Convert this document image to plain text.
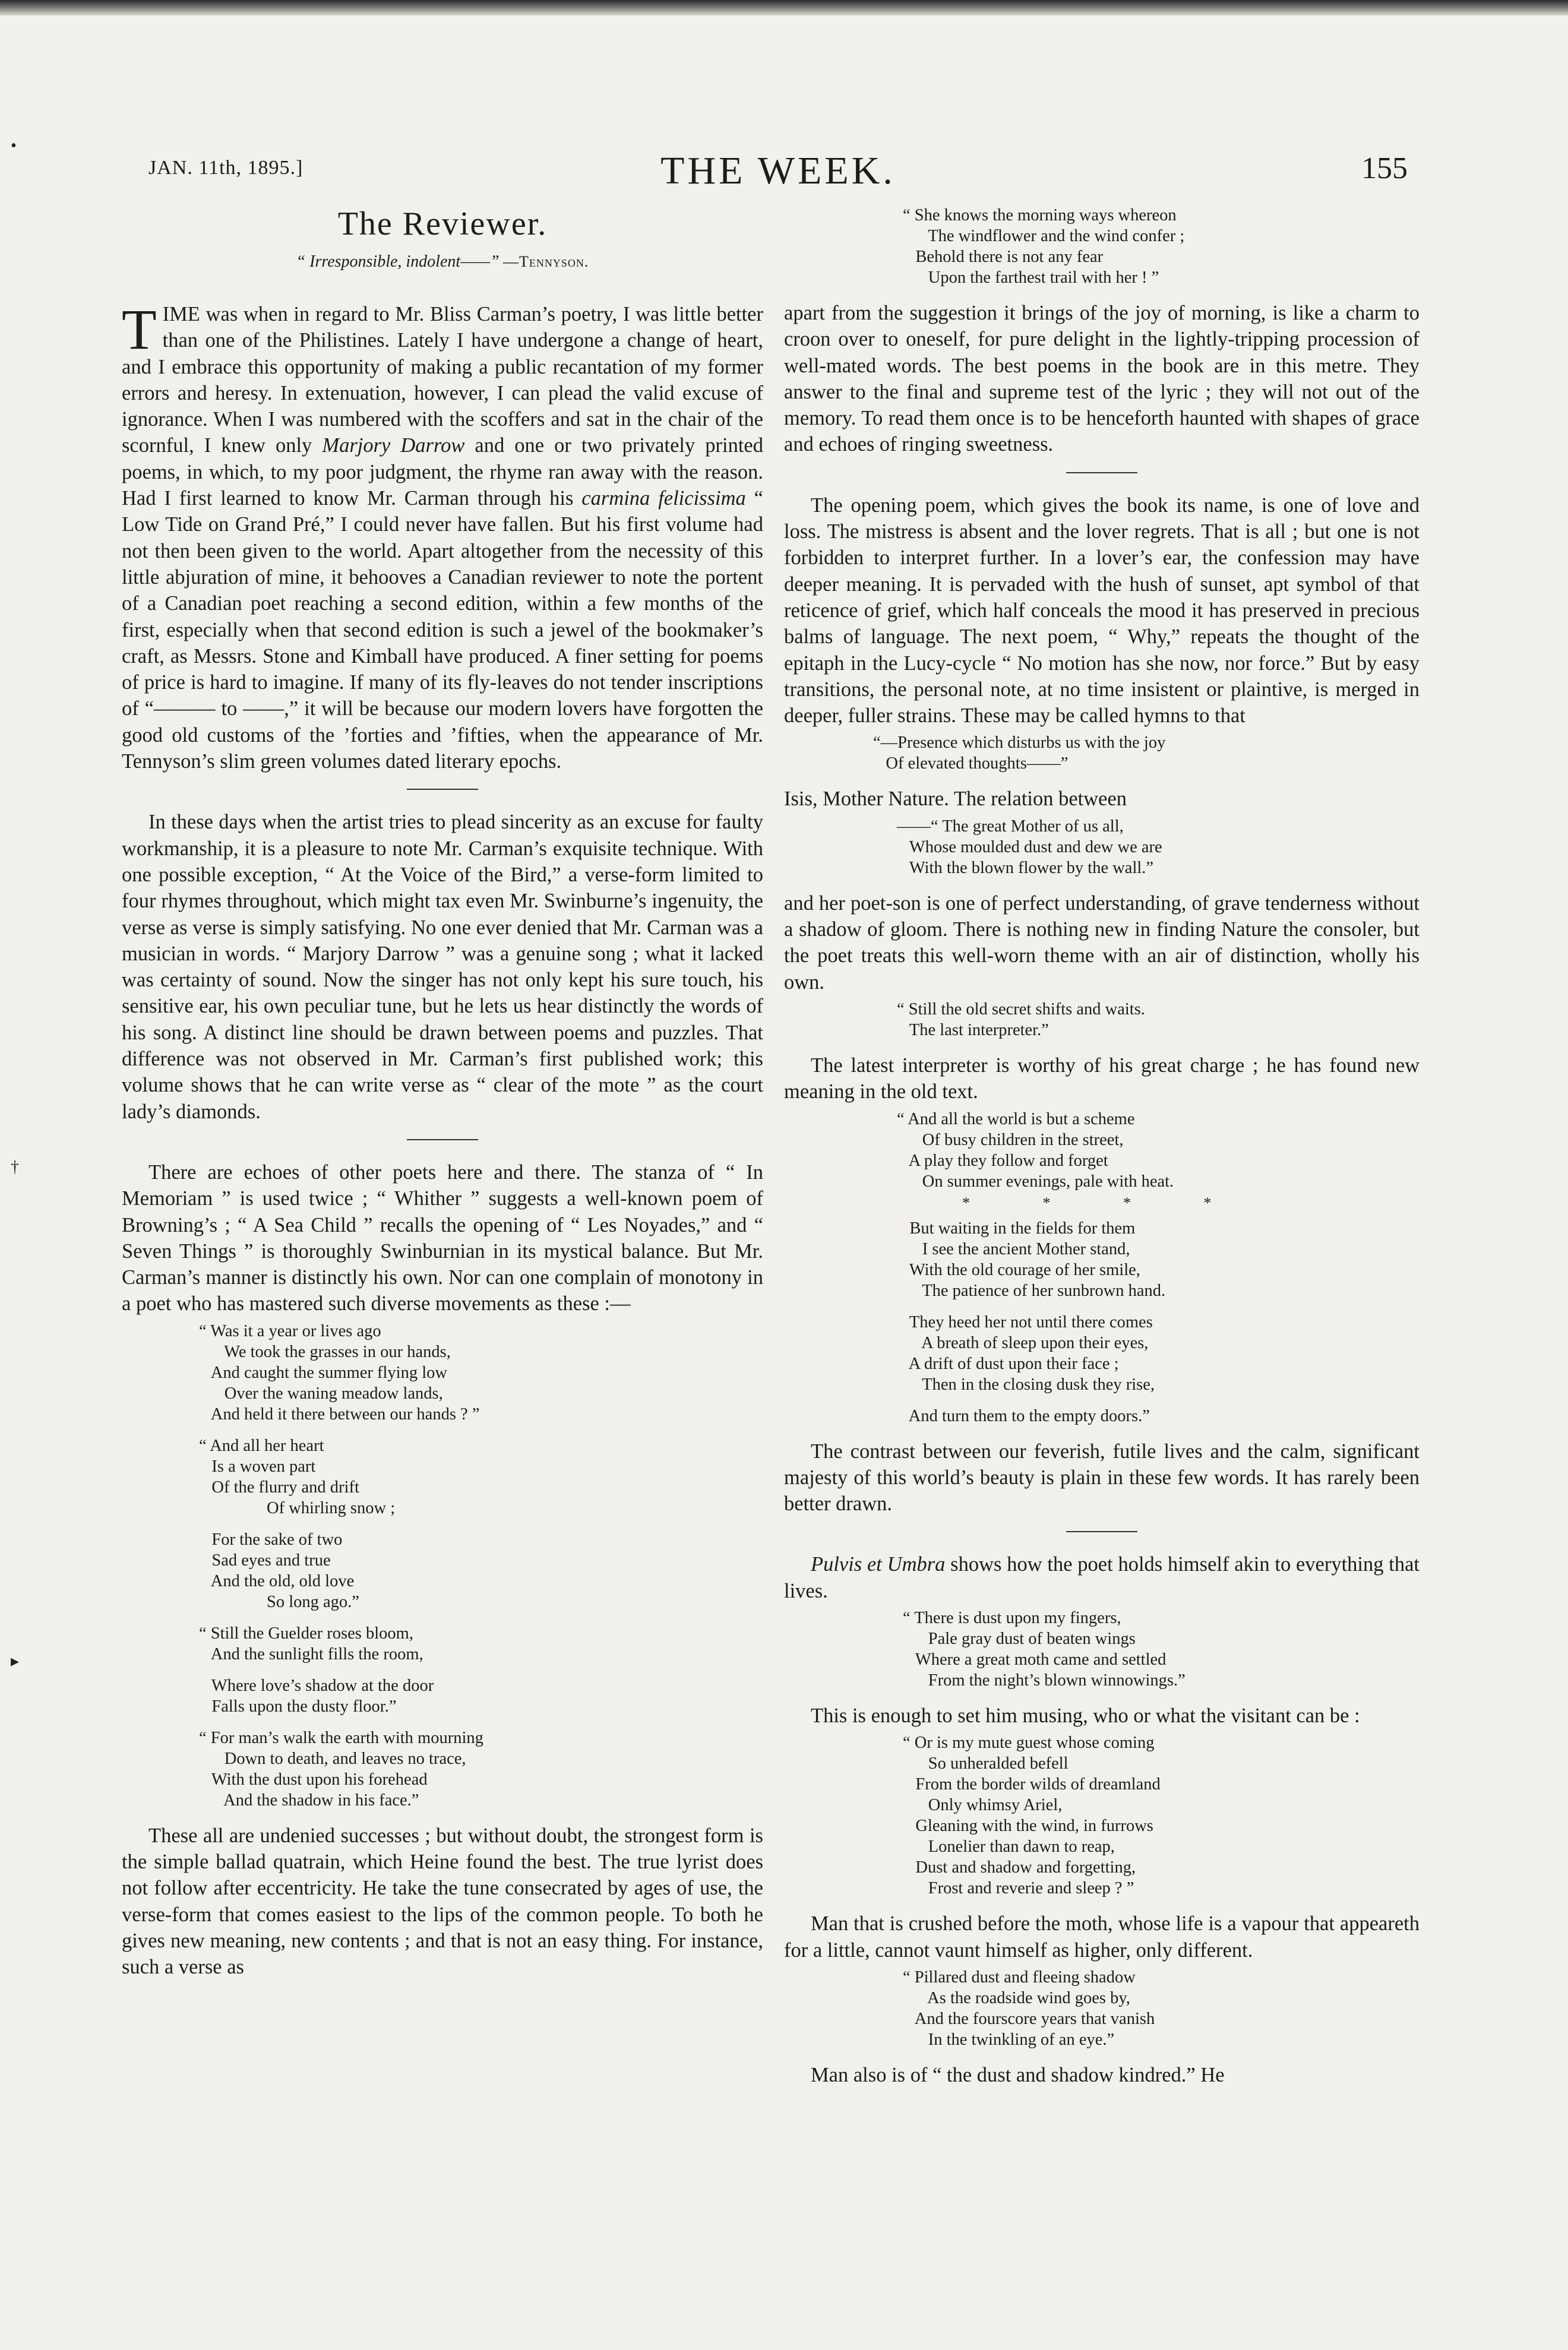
•
†
▸
JAN. 11th, 1895.]	THE WEEK.	155
The Reviewer.
“ Irresponsible, indolent——” —Tennyson.

TIME was when in regard to Mr. Bliss Carman’s poetry, I was little better than one of the Philistines. Lately I have undergone a change of heart, and I embrace this opportunity of making a public recantation of my former errors and heresy. In extenuation, however, I can plead the valid excuse of ignorance. When I was numbered with the scoffers and sat in the chair of the scornful, I knew only Marjory Darrow and one or two privately printed poems, in which, to my poor judgment, the rhyme ran away with the reason. Had I first learned to know Mr. Carman through his carmina felicissima “ Low Tide on Grand Pré,” I could never have fallen. But his first volume had not then been given to the world. Apart altogether from the necessity of this little abjuration of mine, it behooves a Canadian reviewer to note the portent of a Canadian poet reaching a second edition, within a few months of the first, especially when that second edition is such a jewel of the bookmaker’s craft, as Messrs. Stone and Kimball have produced. A finer setting for poems of price is hard to imagine. If many of its fly-leaves do not tender inscriptions of “——— to ——,” it will be because our modern lovers have forgotten the good old customs of the ’forties and ’fifties, when the appearance of Mr. Tennyson’s slim green volumes dated literary epochs.

In these days when the artist tries to plead sincerity as an excuse for faulty workmanship, it is a pleasure to note Mr. Carman’s exquisite technique. With one possible exception, “ At the Voice of the Bird,” a verse-form limited to four rhymes throughout, which might tax even Mr. Swinburne’s ingenuity, the verse as verse is simply satisfying. No one ever denied that Mr. Carman was a musician in words. “ Marjory Darrow ” was a genuine song ; what it lacked was certainty of sound. Now the singer has not only kept his sure touch, his sensitive ear, his own peculiar tune, but he lets us hear distinctly the words of his song. A distinct line should be drawn between poems and puzzles. That difference was not observed in Mr. Carman’s first published work; this volume shows that he can write verse as “ clear of the mote ” as the court lady’s diamonds.

There are echoes of other poets here and there. The stanza of “ In Memoriam ” is used twice ; “ Whither ” suggests a well-known poem of Browning’s ; “ A Sea Child ” recalls the opening of “ Les Noyades,” and “ Seven Things ” is thoroughly Swinburnian in its mystical balance. But Mr. Carman’s manner is distinctly his own. Nor can one complain of monotony in a poet who has mastered such diverse movements as these :—

“ Was it a year or lives ago
We took the grasses in our hands,
And caught the summer flying low
Over the waning meadow lands,
And held it there between our hands ? ”
“ And all her heart
Is a woven part
Of the flurry and drift
Of whirling snow ;
For the sake of two
Sad eyes and true
And the old, old love
So long ago.”
“ Still the Guelder roses bloom,
And the sunlight fills the room,
Where love’s shadow at the door
Falls upon the dusty floor.”
“ For man’s walk the earth with mourning
Down to death, and leaves no trace,
With the dust upon his forehead
And the shadow in his face.”

These all are undenied successes ; but without doubt, the strongest form is the simple ballad quatrain, which Heine found the best. The true lyrist does not follow after eccentricity. He take the tune consecrated by ages of use, the verse-form that comes easiest to the lips of the common people. To both he gives new meaning, new contents ; and that is not an easy thing. For instance, such a verse as

“ She knows the morning ways whereon
The windflower and the wind confer ;
Behold there is not any fear
Upon the farthest trail with her ! ”

apart from the suggestion it brings of the joy of morning, is like a charm to croon over to oneself, for pure delight in the lightly-tripping procession of well-mated words. The best poems in the book are in this metre. They answer to the final and supreme test of the lyric ; they will not out of the memory. To read them once is to be henceforth haunted with shapes of grace and echoes of ringing sweetness.

The opening poem, which gives the book its name, is one of love and loss. The mistress is absent and the lover regrets. That is all ; but one is not forbidden to interpret further. In a lover’s ear, the confession may have deeper meaning. It is pervaded with the hush of sunset, apt symbol of that reticence of grief, which half conceals the mood it has preserved in precious balms of language. The next poem, “ Why,” repeats the thought of the epitaph in the Lucy-cycle “ No motion has she now, nor force.” But by easy transitions, the personal note, at no time insistent or plaintive, is merged in deeper, fuller strains. These may be called hymns to that

“—Presence which disturbs us with the joy
Of elevated thoughts——”

Isis, Mother Nature. The relation between

——“ The great Mother of us all,
Whose moulded dust and dew we are
With the blown flower by the wall.”

and her poet-son is one of perfect understanding, of grave tenderness without a shadow of gloom. There is nothing new in finding Nature the consoler, but the poet treats this well-worn theme with an air of distinction, wholly his own.

“ Still the old secret shifts and waits.
The last interpreter.”

The latest interpreter is worthy of his great charge ; he has found new meaning in the old text.

“ And all the world is but a scheme
Of busy children in the street,
A play they follow and forget
On summer evenings, pale with heat.
* * * *
But waiting in the fields for them
I see the ancient Mother stand,
With the old courage of her smile,
The patience of her sunbrown hand.
They heed her not until there comes
A breath of sleep upon their eyes,
A drift of dust upon their face ;
Then in the closing dusk they rise,
And turn them to the empty doors.”

The contrast between our feverish, futile lives and the calm, significant majesty of this world’s beauty is plain in these few words. It has rarely been better drawn.

Pulvis et Umbra shows how the poet holds himself akin to everything that lives.

“ There is dust upon my fingers,
Pale gray dust of beaten wings
Where a great moth came and settled
From the night’s blown winnowings.”

This is enough to set him musing, who or what the visitant can be :

“ Or is my mute guest whose coming
So unheralded befell
From the border wilds of dreamland
Only whimsy Ariel,
Gleaning with the wind, in furrows
Lonelier than dawn to reap,
Dust and shadow and forgetting,
Frost and reverie and sleep ? ”

Man that is crushed before the moth, whose life is a vapour that appeareth for a little, cannot vaunt himself as higher, only different.

“ Pillared dust and fleeing shadow
As the roadside wind goes by,
And the fourscore years that vanish
In the twinkling of an eye.”

Man also is of “ the dust and shadow kindred.” He
